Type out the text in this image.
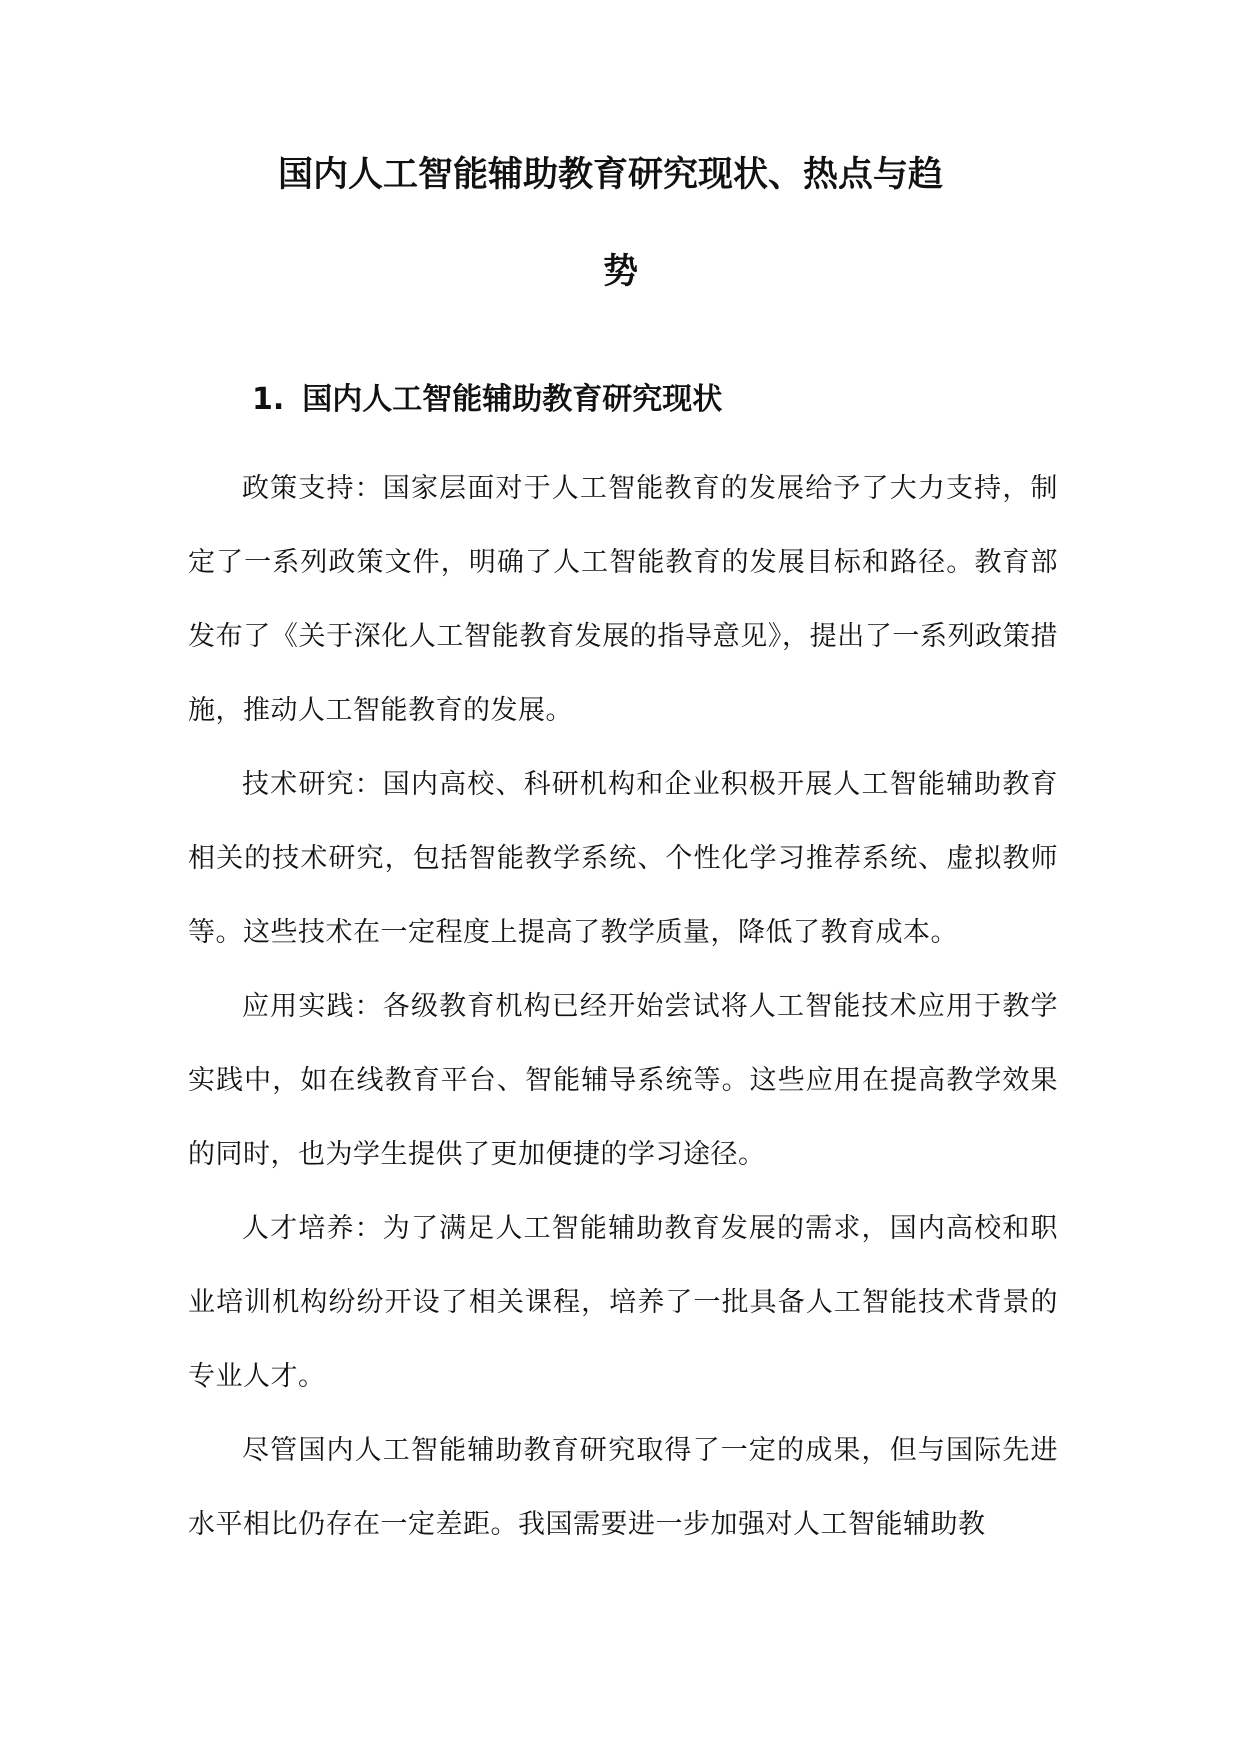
国内人工智能辅助教育研究现状、热点与趋
势
1. 国内人工智能辅助教育研究现状

政策支持：国家层面对于人工智能教育的发展给予了大力支持，制定了一系列政策文件，明确了人工智能教育的发展目标和路径。教育部发布了《关于深化人工智能教育发展的指导意见》，提出了一系列政策措施，推动人工智能教育的发展。

技术研究：国内高校、科研机构和企业积极开展人工智能辅助教育相关的技术研究，包括智能教学系统、个性化学习推荐系统、虚拟教师等。这些技术在一定程度上提高了教学质量，降低了教育成本。

应用实践：各级教育机构已经开始尝试将人工智能技术应用于教学实践中，如在线教育平台、智能辅导系统等。这些应用在提高教学效果的同时，也为学生提供了更加便捷的学习途径。

人才培养：为了满足人工智能辅助教育发展的需求，国内高校和职业培训机构纷纷开设了相关课程，培养了一批具备人工智能技术背景的专业人才。

尽管国内人工智能辅助教育研究取得了一定的成果，但与国际先进水平相比仍存在一定差距。我国需要进一步加强对人工智能辅助教
